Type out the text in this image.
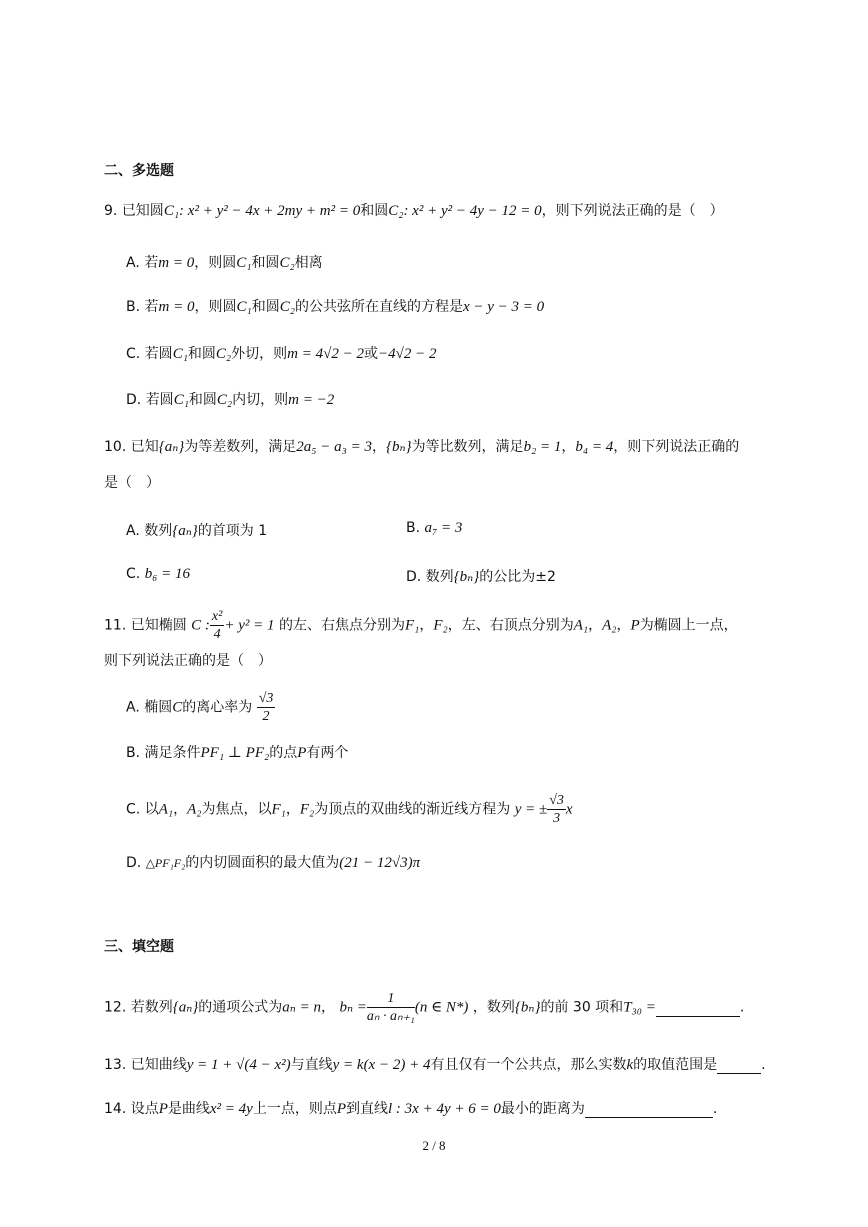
二、多选题
9. 已知圆C₁: x² + y² − 4x + 2my + m² = 0和圆C₂: x² + y² − 4y − 12 = 0，则下列说法正确的是（　）
A. 若m = 0，则圆C₁和圆C₂相离
B. 若m = 0，则圆C₁和圆C₂的公共弦所在直线的方程是x − y − 3 = 0
C. 若圆C₁和圆C₂外切，则m = 4√2 − 2或−4√2 − 2
D. 若圆C₁和圆C₂内切，则m = −2
10. 已知{aₙ}为等差数列，满足2a₅ − a₃ = 3，{bₙ}为等比数列，满足b₂ = 1，b₄ = 4，则下列说法正确的
是（　）
A. 数列{aₙ}的首项为 1	B. a₇ = 3
C. b₆ = 16	D. 数列{bₙ}的公比为±2
11. 已知椭圆 C : $\frac{\text{x²}}{4} + y^2 = 1$ 的左、右焦点分别为F₁，F₂，左、右顶点分别为A₁，A₂，P为椭圆上一点，
则下列说法正确的是（　）
A. 椭圆C的离心率为 $\frac{√3}{2}$
B. 满足条件PF₁ ⊥ PF₂的点P有两个
C. 以A₁，A₂为焦点，以F₁，F₂为顶点的双曲线的渐近线方程为 y = ± $\frac{√3}{3}$ x
D. △PF₁F₂的内切圆面积的最大值为(21 − 12√3)π
三、填空题
12. 若数列{aₙ}的通项公式为aₙ = n， $b_n = \frac{1}{\text{aₙ · aₙ₊₁}} (n$ ∈ N*) ，数列{bₙ}的前 30 项和T₃₀ =	.
13. 已知曲线y = 1 + √(4 − x²)与直线y = k(x − 2) + 4有且仅有一个公共点，那么实数k的取值范围是	.
14. 设点P是曲线x² = 4y上一点，则点P到直线l : 3x + 4y + 6 = 0最小的距离为	.
2 / 8
